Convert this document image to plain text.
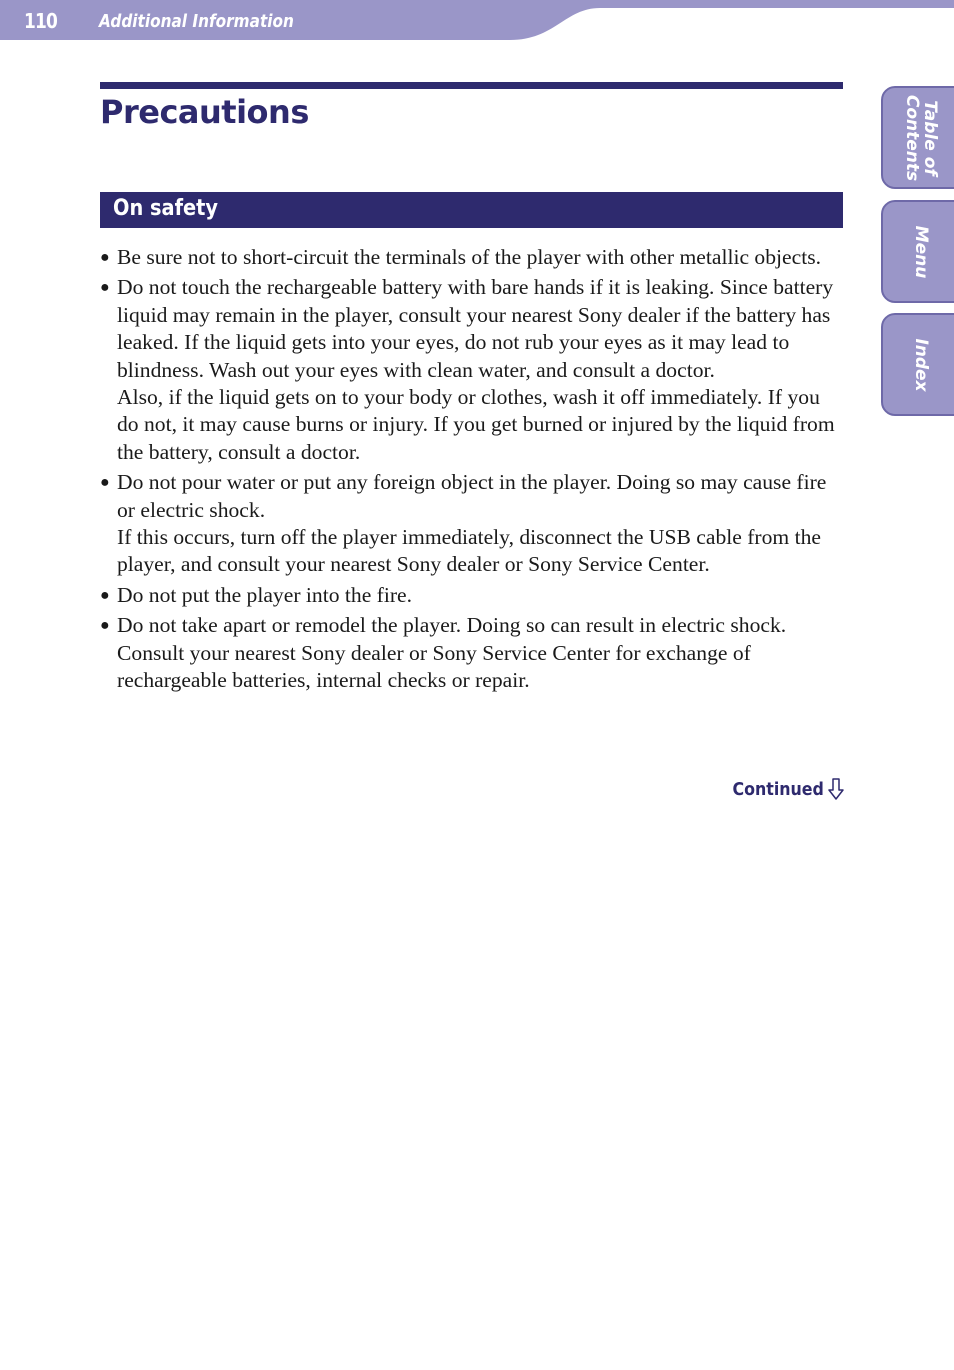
110 Additional Information
Precautions
On safety
● Be sure not to short-circuit the terminals of the player with other metallic objects.

● Do not touch the rechargeable battery with bare hands if it is leaking. Since battery liquid may remain in the player, consult your nearest Sony dealer if the battery has leaked. If the liquid gets into your eyes, do not rub your eyes as it may lead to blindness. Wash out your eyes with clean water, and consult a doctor.

Also, if the liquid gets on to your body or clothes, wash it off immediately. If you do not, it may cause burns or injury. If you get burned or injured by the liquid from the battery, consult a doctor.

● Do not pour water or put any foreign object in the player. Doing so may cause fire or electric shock.

If this occurs, turn off the player immediately, disconnect the USB cable from the player, and consult your nearest Sony dealer or Sony Service Center.

● Do not put the player into the fire.

● Do not take apart or remodel the player. Doing so can result in electric shock. Consult your nearest Sony dealer or Sony Service Center for exchange of rechargeable batteries, internal checks or repair.

Continued
Table of
Contents
Menu
Index
